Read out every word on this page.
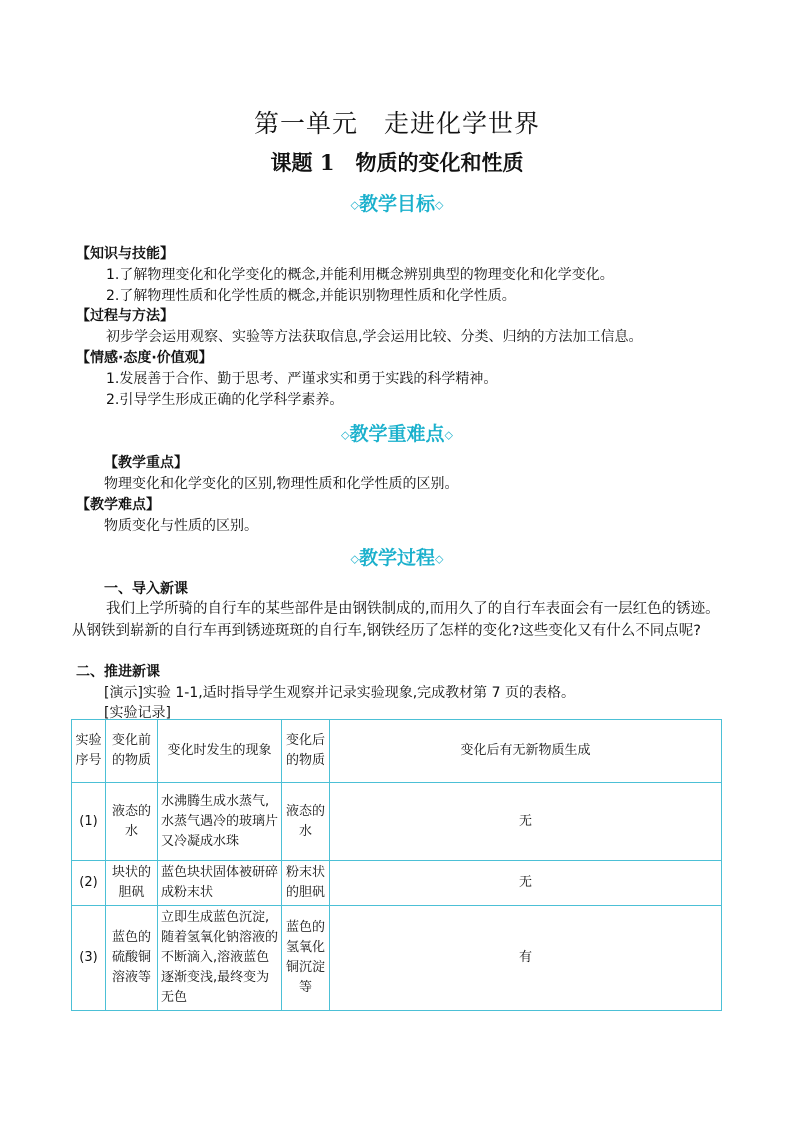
第一单元　走进化学世界
课题 1　物质的变化和性质
◇教学目标◇
【知识与技能】
1.了解物理变化和化学变化的概念,并能利用概念辨别典型的物理变化和化学变化。
2.了解物理性质和化学性质的概念,并能识别物理性质和化学性质。
【过程与方法】
初步学会运用观察、实验等方法获取信息,学会运用比较、分类、归纳的方法加工信息。
【情感·态度·价值观】
1.发展善于合作、勤于思考、严谨求实和勇于实践的科学精神。
2.引导学生形成正确的化学科学素养。
◇教学重难点◇
【教学重点】
物理变化和化学变化的区别,物理性质和化学性质的区别。
【教学难点】
物质变化与性质的区别。
◇教学过程◇
一、导入新课
我们上学所骑的自行车的某些部件是由钢铁制成的,而用久了的自行车表面会有一层红色的锈迹。从钢铁到崭新的自行车再到锈迹斑斑的自行车,钢铁经历了怎样的变化?这些变化又有什么不同点呢?
二、推进新课
[演示]实验 1-1,适时指导学生观察并记录实验现象,完成教材第 7 页的表格。
[实验记录]
实验序号	变化前的物质	变化时发生的现象	变化后的物质	变化后有无新物质生成
(1)	液态的水	水沸腾生成水蒸气,水蒸气遇冷的玻璃片又冷凝成水珠	液态的水	无
(2)	块状的胆矾	蓝色块状固体被研碎成粉末状	粉末状的胆矾	无
(3)	蓝色的硫酸铜溶液等	立即生成蓝色沉淀,随着氢氧化钠溶液的不断滴入,溶液蓝色逐渐变浅,最终变为无色	蓝色的氢氧化铜沉淀等	有
